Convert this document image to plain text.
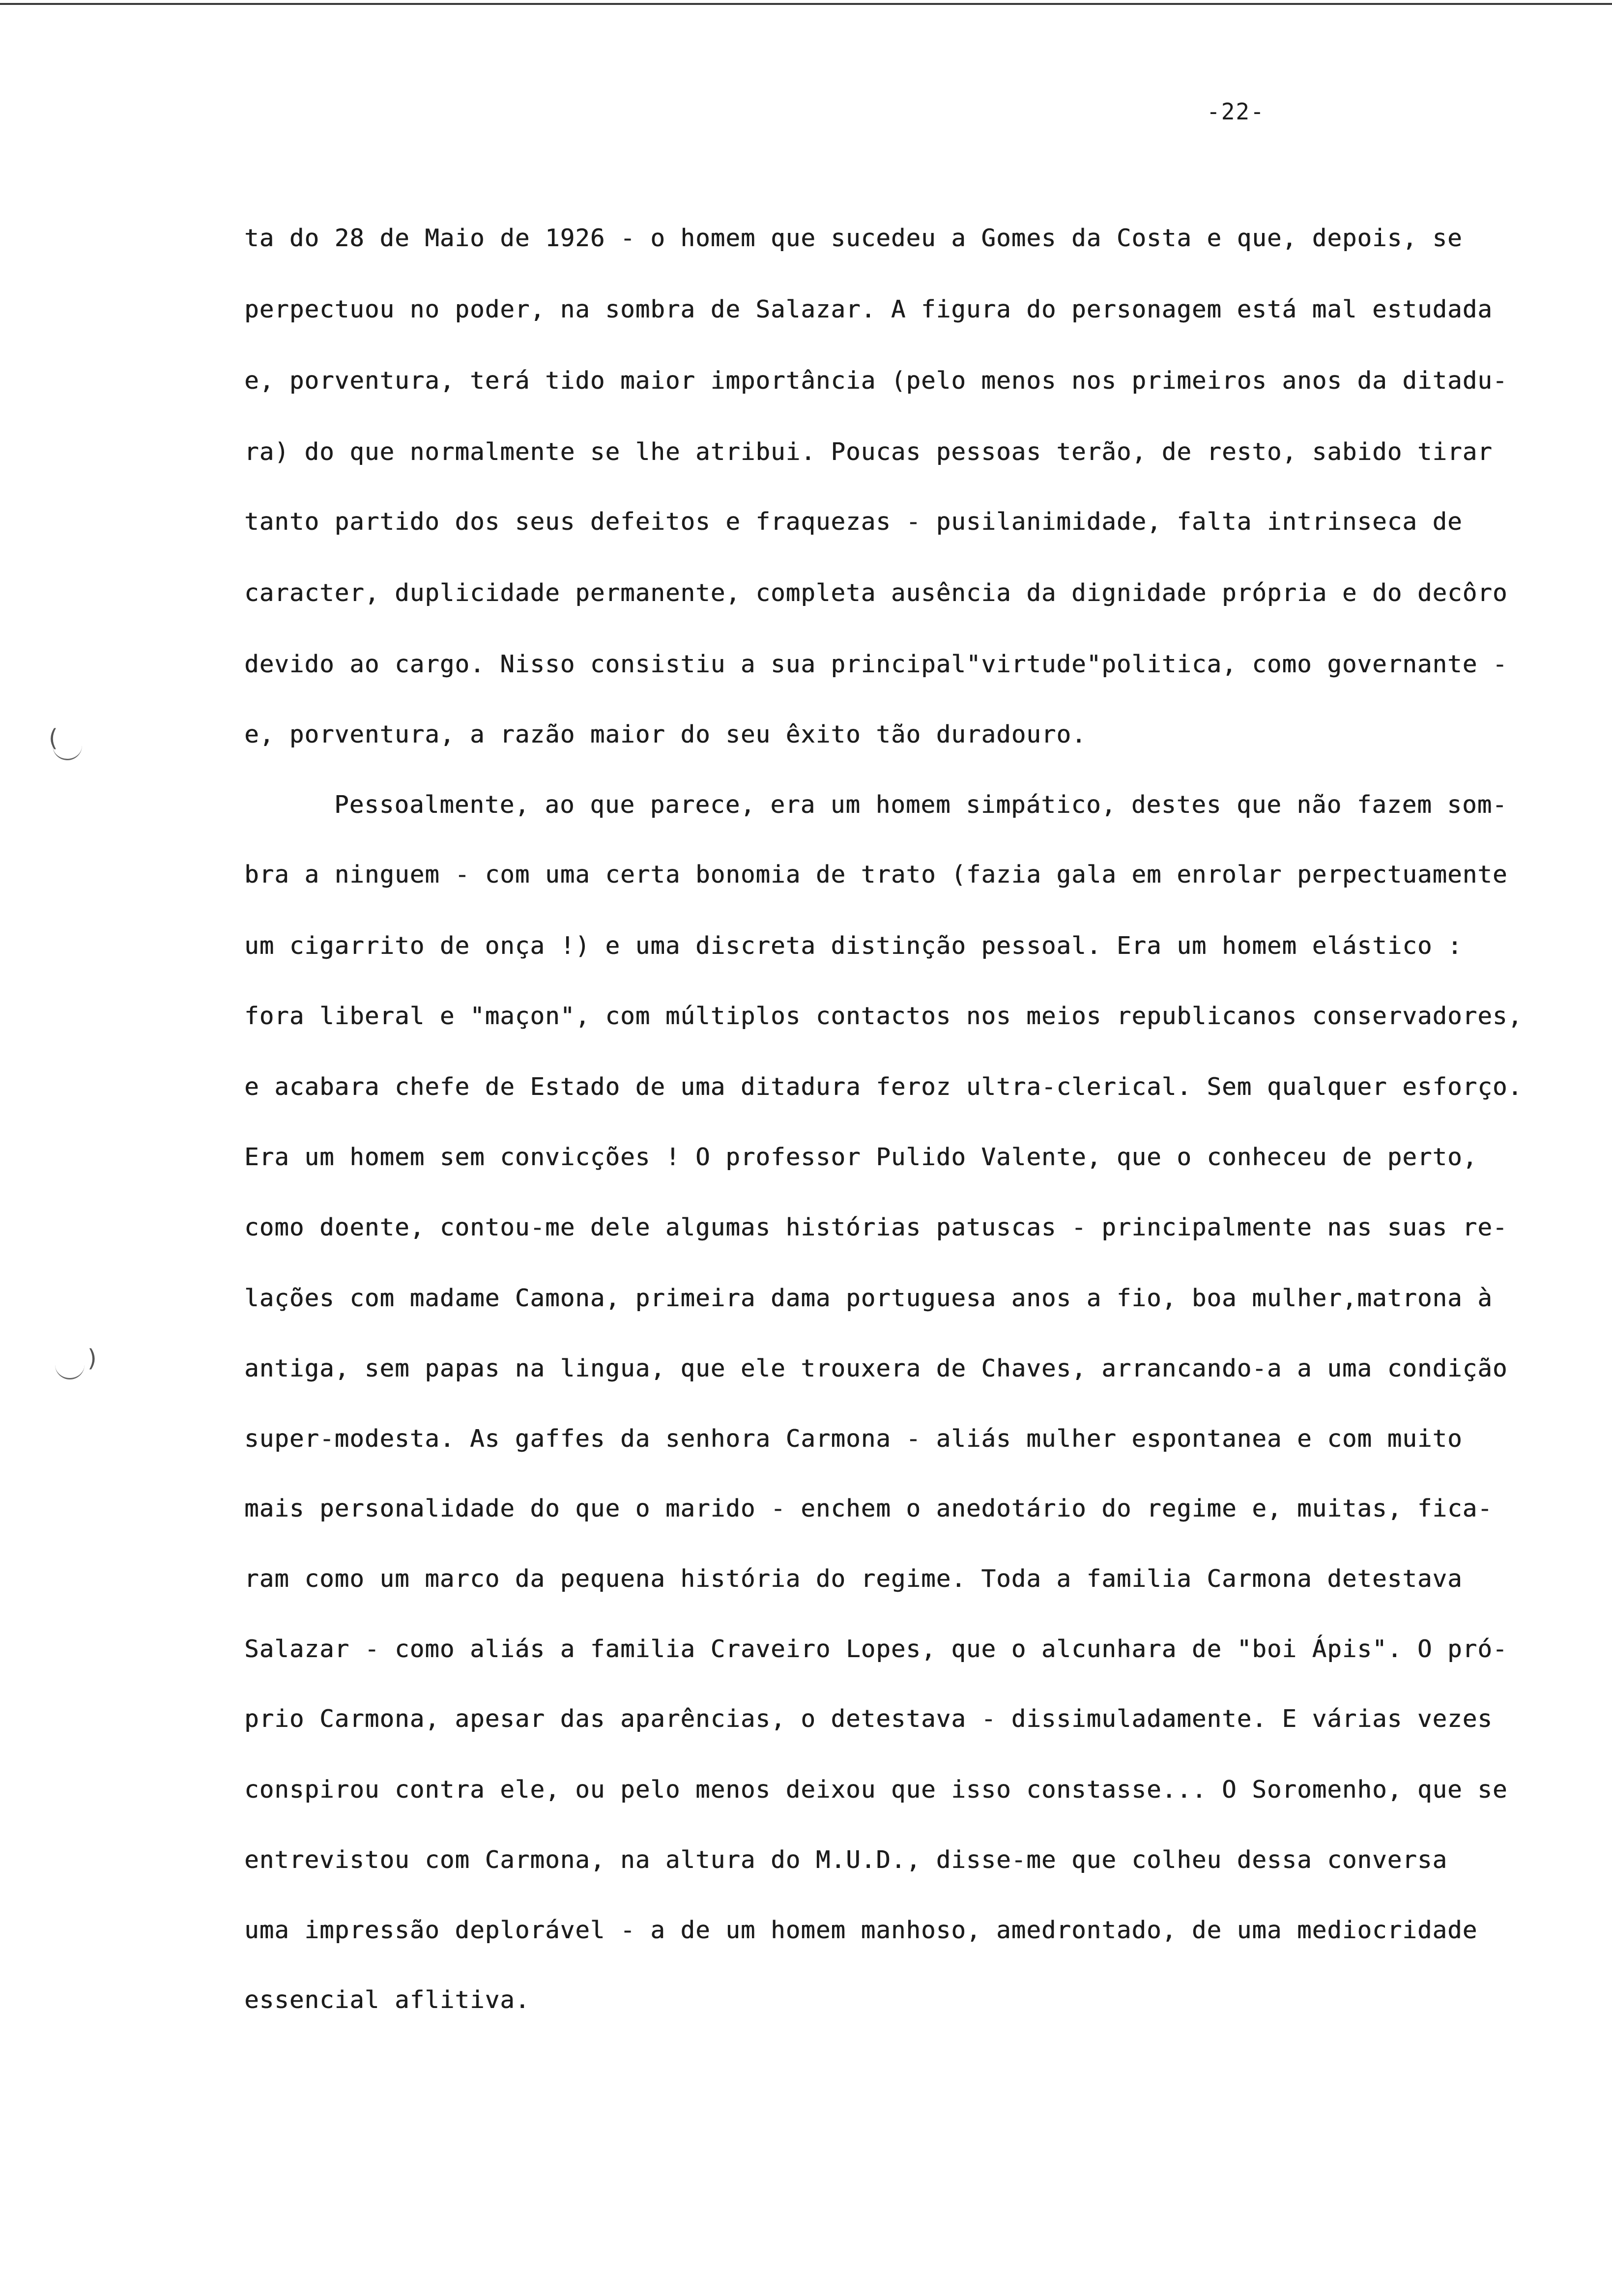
-22-
(
)
ta do 28 de Maio de 1926 - o homem que sucedeu a Gomes da Costa e que, depois, se
perpectuou no poder, na sombra de Salazar. A figura do personagem está mal estudada
e, porventura, terá tido maior importância (pelo menos nos primeiros anos da ditadu-
ra) do que normalmente se lhe atribui. Poucas pessoas terão, de resto, sabido tirar
tanto partido dos seus defeitos e fraquezas - pusilanimidade, falta intrinseca de
caracter, duplicidade permanente, completa ausência da dignidade própria e do decôro
devido ao cargo. Nisso consistiu a sua principal"virtude"politica, como governante -
e, porventura, a razão maior do seu êxito tão duradouro.
Pessoalmente, ao que parece, era um homem simpático, destes que não fazem som-
bra a ninguem - com uma certa bonomia de trato (fazia gala em enrolar perpectuamente
um cigarrito de onça !) e uma discreta distinção pessoal. Era um homem elástico :
fora liberal e "maçon", com múltiplos contactos nos meios republicanos conservadores,
e acabara chefe de Estado de uma ditadura feroz ultra-clerical. Sem qualquer esforço.
Era um homem sem convicções ! O professor Pulido Valente, que o conheceu de perto,
como doente, contou-me dele algumas histórias patuscas - principalmente nas suas re-
lações com madame Camona, primeira dama portuguesa anos a fio, boa mulher,matrona à
antiga, sem papas na lingua, que ele trouxera de Chaves, arrancando-a a uma condição
super-modesta. As gaffes da senhora Carmona - aliás mulher espontanea e com muito
mais personalidade do que o marido - enchem o anedotário do regime e, muitas, fica-
ram como um marco da pequena história do regime. Toda a familia Carmona detestava
Salazar - como aliás a familia Craveiro Lopes, que o alcunhara de "boi Ápis". O pró-
prio Carmona, apesar das aparências, o detestava - dissimuladamente. E várias vezes
conspirou contra ele, ou pelo menos deixou que isso constasse... O Soromenho, que se
entrevistou com Carmona, na altura do M.U.D., disse-me que colheu dessa conversa
uma impressão deplorável - a de um homem manhoso, amedrontado, de uma mediocridade
essencial aflitiva.
